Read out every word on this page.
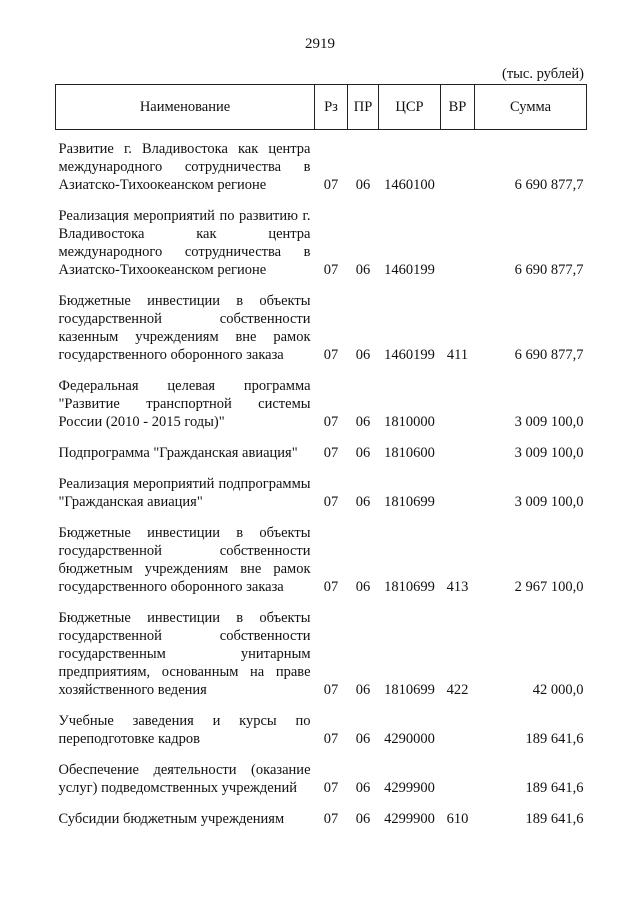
2919
(тыс. рублей)
Наименование	Рз	ПР	ЦСР	ВР	Сумма

Развитие г. Владивостока как центра международного сотрудничества в Азиатско-Тихоокеанском регионе	07	06	1460100		6 690 877,7

Реализация мероприятий по развитию г. Владивостока как центра международного сотрудничества в Азиатско-Тихоокеанском регионе	07	06	1460199		6 690 877,7

Бюджетные инвестиции в объекты государственной собственности казенным учреждениям вне рамок государственного оборонного заказа	07	06	1460199	411	6 690 877,7

Федеральная целевая программа "Развитие транспортной системы России (2010 - 2015 годы)"	07	06	1810000		3 009 100,0

Подпрограмма "Гражданская авиация"	07	06	1810600		3 009 100,0

Реализация мероприятий подпрограммы "Гражданская авиация"	07	06	1810699		3 009 100,0

Бюджетные инвестиции в объекты государственной собственности бюджетным учреждениям вне рамок государственного оборонного заказа	07	06	1810699	413	2 967 100,0

Бюджетные инвестиции в объекты государственной собственности государственным унитарным предприятиям, основанным на праве хозяйственного ведения	07	06	1810699	422	42 000,0

Учебные заведения и курсы по переподготовке кадров	07	06	4290000		189 641,6

Обеспечение деятельности (оказание услуг) подведомственных учреждений	07	06	4299900		189 641,6

Субсидии бюджетным учреждениям	07	06	4299900	610	189 641,6
